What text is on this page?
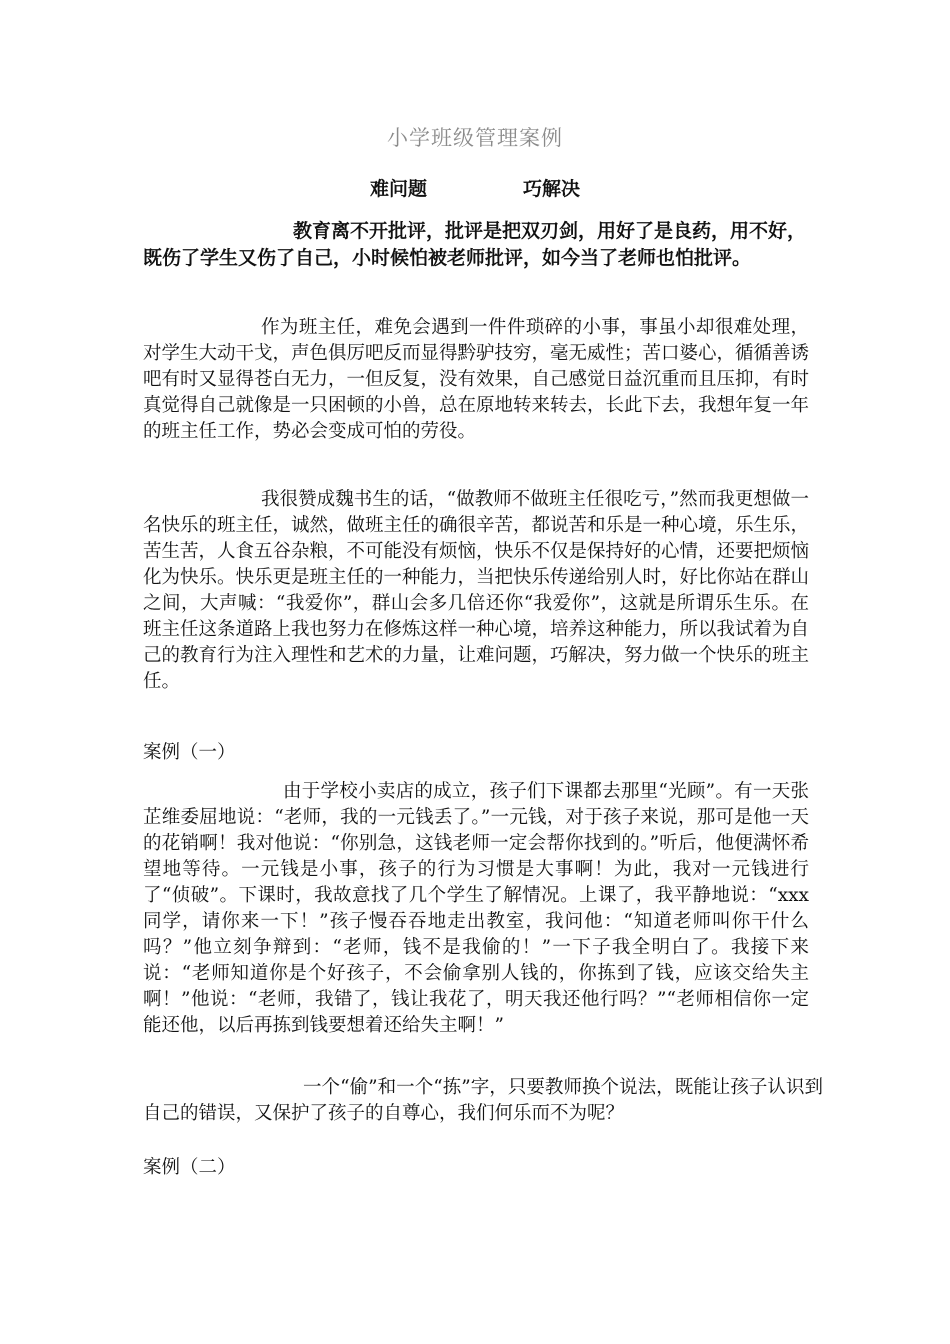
小学班级管理案例
难问题	巧解决
教育离不开批评，批评是把双刃剑，用好了是良药，用不好，既伤了学生又伤了自己，小时候怕被老师批评，如今当了老师也怕批评。
作为班主任，难免会遇到一件件琐碎的小事，事虽小却很难处理，对学生大动干戈，声色俱厉吧反而显得黔驴技穷，毫无威性；苦口婆心，循循善诱吧有时又显得苍白无力，一但反复，没有效果，自己感觉日益沉重而且压抑，有时真觉得自己就像是一只困顿的小兽，总在原地转来转去，长此下去，我想年复一年的班主任工作，势必会变成可怕的劳役。
我很赞成魏书生的话，“做教师不做班主任很吃亏，”然而我更想做一名快乐的班主任，诚然，做班主任的确很辛苦，都说苦和乐是一种心境，乐生乐，苦生苦，人食五谷杂粮，不可能没有烦恼，快乐不仅是保持好的心情，还要把烦恼化为快乐。快乐更是班主任的一种能力，当把快乐传递给别人时，好比你站在群山之间，大声喊：“我爱你”，群山会多几倍还你“我爱你”，这就是所谓乐生乐。在班主任这条道路上我也努力在修炼这样一种心境，培养这种能力，所以我试着为自己的教育行为注入理性和艺术的力量，让难问题，巧解决，努力做一个快乐的班主任。
案例（一）
由于学校小卖店的成立，孩子们下课都去那里“光顾”。有一天张芷维委屈地说：“老师，我的一元钱丢了。”一元钱，对于孩子来说，那可是他一天的花销啊！我对他说：“你别急，这钱老师一定会帮你找到的。”听后，他便满怀希望地等待。一元钱是小事，孩子的行为习惯是大事啊！为此，我对一元钱进行了“侦破”。下课时，我故意找了几个学生了解情况。上课了，我平静地说：“xxx 同学，请你来一下！”孩子慢吞吞地走出教室，我问他：“知道老师叫你干什么吗？”他立刻争辩到：“老师，钱不是我偷的！”一下子我全明白了。我接下来说：“老师知道你是个好孩子，不会偷拿别人钱的，你拣到了钱，应该交给失主啊！”他说：“老师，我错了，钱让我花了，明天我还他行吗？”“老师相信你一定能还他，以后再拣到钱要想着还给失主啊！”
一个“偷”和一个“拣”字，只要教师换个说法，既能让孩子认识到自己的错误，又保护了孩子的自尊心，我们何乐而不为呢？
案例（二）
